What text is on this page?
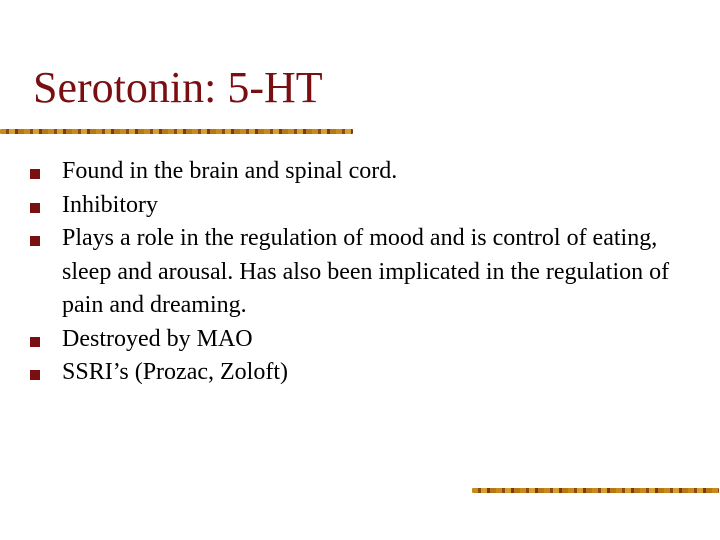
Serotonin: 5-HT
Found in the brain and spinal cord.
Inhibitory
Plays a role in the regulation of mood and is control of eating, sleep and arousal. Has also been implicated in the regulation of pain and dreaming.
Destroyed by MAO
SSRI’s (Prozac, Zoloft)
